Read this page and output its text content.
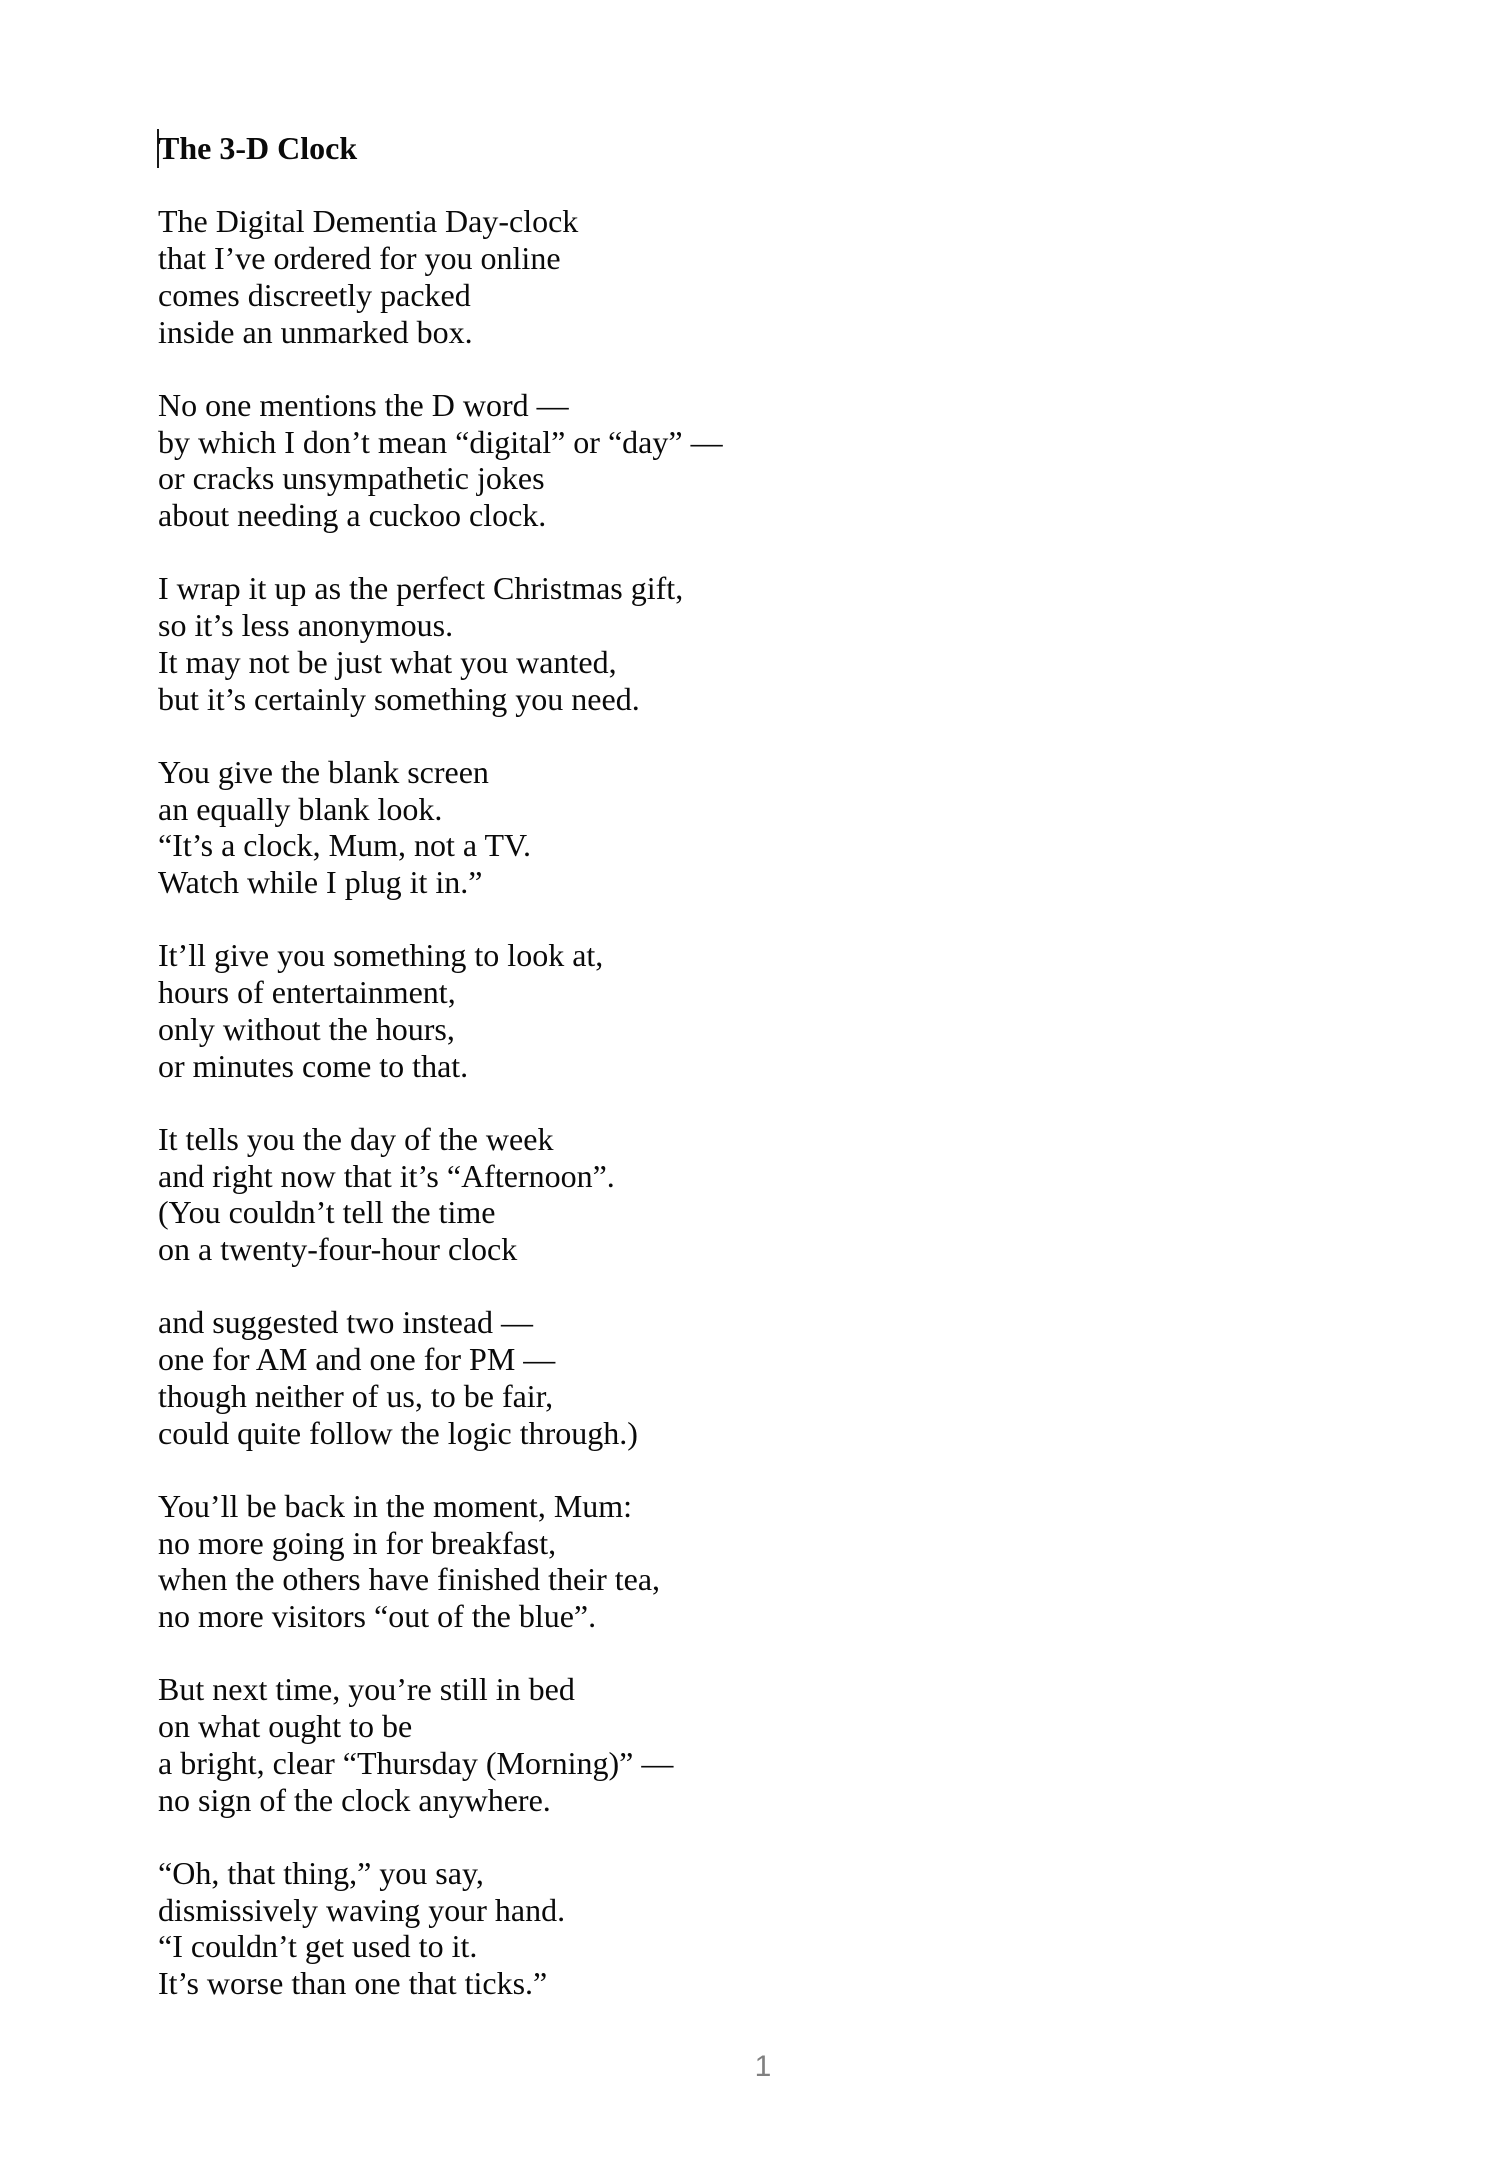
The 3-D Clock
The Digital Dementia Day-clock
that I’ve ordered for you online
comes discreetly packed
inside an unmarked box.
No one mentions the D word —
by which I don’t mean “digital” or “day” —
or cracks unsympathetic jokes
about needing a cuckoo clock.
I wrap it up as the perfect Christmas gift,
so it’s less anonymous.
It may not be just what you wanted,
but it’s certainly something you need.
You give the blank screen
an equally blank look.
“It’s a clock, Mum, not a TV.
Watch while I plug it in.”
It’ll give you something to look at,
hours of entertainment,
only without the hours,
or minutes come to that.
It tells you the day of the week
and right now that it’s “Afternoon”.
(You couldn’t tell the time
on a twenty-four-hour clock
and suggested two instead —
one for AM and one for PM —
though neither of us, to be fair,
could quite follow the logic through.)
You’ll be back in the moment, Mum:
no more going in for breakfast,
when the others have finished their tea,
no more visitors “out of the blue”.
But next time, you’re still in bed
on what ought to be
a bright, clear “Thursday (Morning)” —
no sign of the clock anywhere.
“Oh, that thing,” you say,
dismissively waving your hand.
“I couldn’t get used to it.
It’s worse than one that ticks.”
1
